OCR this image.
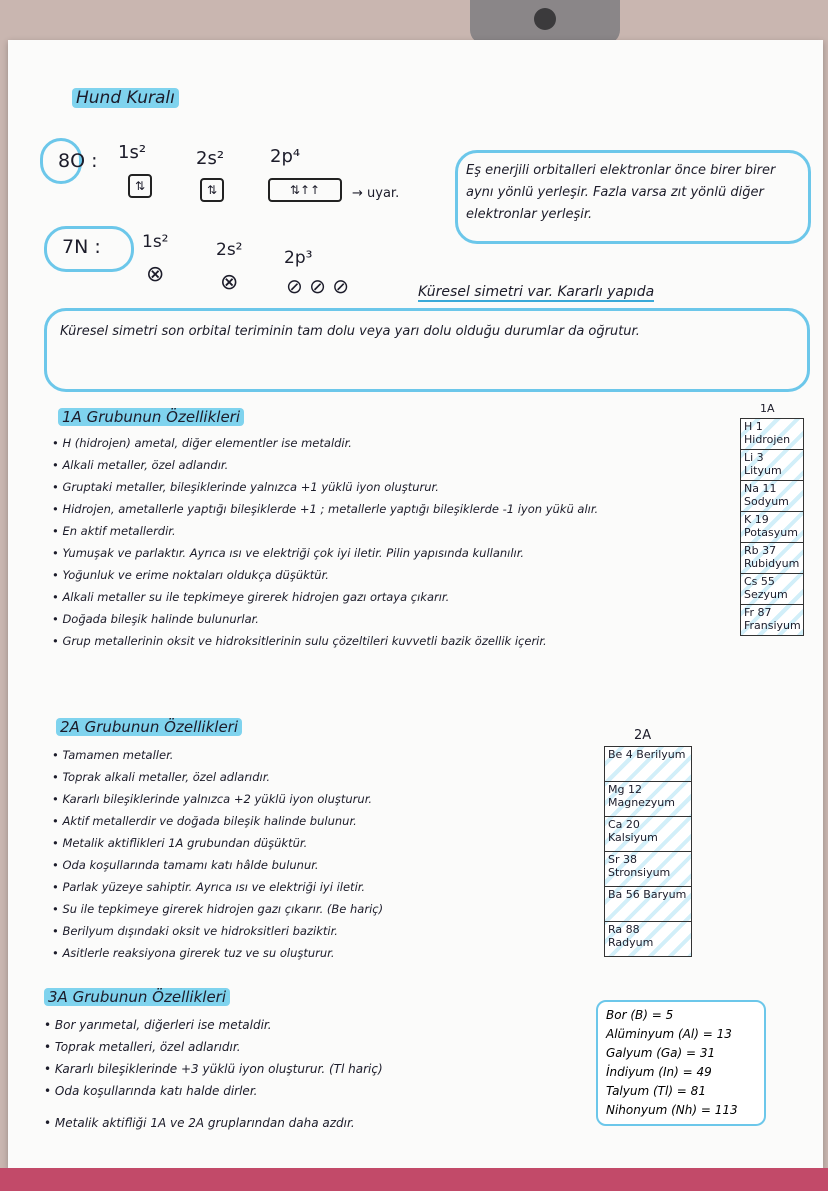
Hund Kuralı
8O : 1s²	2s²	2p⁴
⇅	⇅	⇅↑↑	→ uyar.
Eş enerjili orbitalleri elektronlar önce birer birer aynı yönlü yerleşir. Fazla varsa zıt yönlü diğer elektronlar yerleşir.
7N : 1s²	2s² 2p³
⊗	⊗ ⊘ ⊘ ⊘	Küresel simetri var. Kararlı yapıda
Küresel simetri son orbital teriminin tam dolu veya yarı dolu olduğu durumlar da oğrutur.
1A Grubunun Özellikleri
• H (hidrojen) ametal, diğer elementler ise metaldir.
• Alkali metaller, özel adlandır.
• Gruptaki metaller, bileşiklerinde yalnızca +1 yüklü iyon oluşturur.
• Hidrojen, ametallerle yaptığı bileşiklerde +1 ; metallerle yaptığı bileşiklerde -1 iyon yükü alır.
• En aktif metallerdir.
• Yumuşak ve parlaktır. Ayrıca ısı ve elektriği çok iyi iletir. Pilin yapısında kullanılır.
• Yoğunluk ve erime noktaları oldukça düşüktür.
• Alkali metaller su ile tepkimeye girerek hidrojen gazı ortaya çıkarır.
• Doğada bileşik halinde bulunurlar.
• Grup metallerinin oksit ve hidroksitlerinin sulu çözeltileri kuvvetli bazik özellik içerir.
1A
H 1 Hidrojen
Li 3 Lityum
Na 11 Sodyum
K 19 Potasyum
Rb 37 Rubidyum
Cs 55 Sezyum
Fr 87 Fransiyum
2A Grubunun Özellikleri
• Tamamen metaller.
• Toprak alkali metaller, özel adlarıdır.
• Kararlı bileşiklerinde yalnızca +2 yüklü iyon oluşturur.
• Aktif metallerdir ve doğada bileşik halinde bulunur.
• Metalik aktiflikleri 1A grubundan düşüktür.
• Oda koşullarında tamamı katı hâlde bulunur.
• Parlak yüzeye sahiptir. Ayrıca ısı ve elektriği iyi iletir.
• Su ile tepkimeye girerek hidrojen gazı çıkarır. (Be hariç)
• Berilyum dışındaki oksit ve hidroksitleri baziktir.
• Asitlerle reaksiyona girerek tuz ve su oluşturur.
2A
Be 4 Berilyum
Mg 12 Magnezyum
Ca 20 Kalsiyum
Sr 38 Stronsiyum
Ba 56 Baryum
Ra 88 Radyum
3A Grubunun Özellikleri
• Bor yarımetal, diğerleri ise metaldir.
• Toprak metalleri, özel adlarıdır.
• Kararlı bileşiklerinde +3 yüklü iyon oluşturur. (Tl hariç)
• Oda koşullarında katı halde dirler.
• Metalik aktifliği 1A ve 2A gruplarından daha azdır.
Bor (B) = 5
Alüminyum (Al) = 13
Galyum (Ga) = 31
İndiyum (In) = 49
Talyum (Tl) = 81
Nihonyum (Nh) = 113
